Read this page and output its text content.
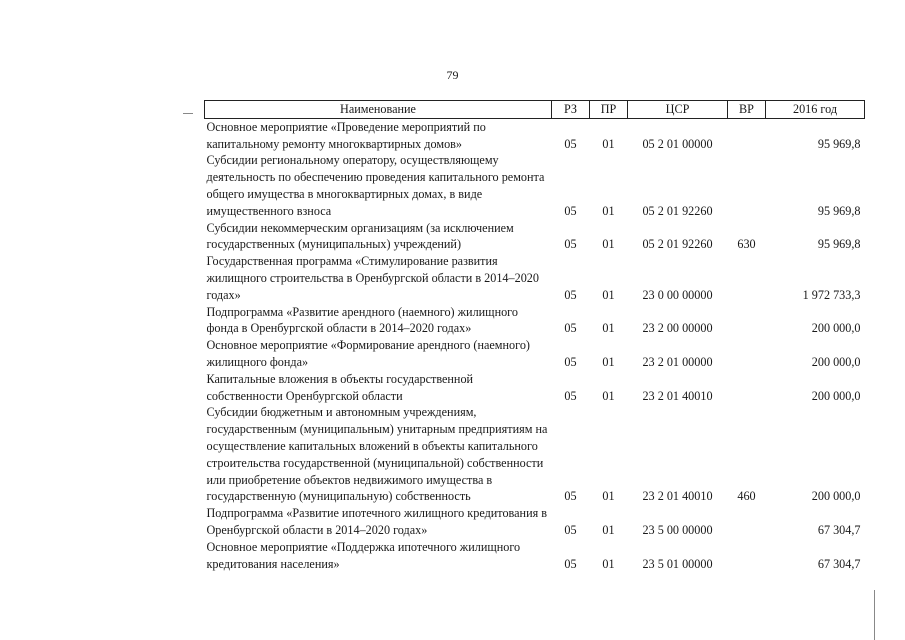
79
Наименование	РЗ	ПР	ЦСР	ВР	2016 год
Основное мероприятие «Проведение мероприятий по капитальному ремонту многоквартирных домов»	05	01	05 2 01 00000		95 969,8
Субсидии региональному оператору, осуществляющему деятельность по обеспечению проведения капитального ремонта общего имущества в многоквартирных домах, в виде имущественного взноса	05	01	05 2 01 92260		95 969,8
Субсидии некоммерческим организациям (за исключением государственных (муниципальных) учреждений)	05	01	05 2 01 92260	630	95 969,8
Государственная программа «Стимулирование развития жилищного строительства в Оренбургской области в 2014–2020 годах»	05	01	23 0 00 00000		1 972 733,3
Подпрограмма «Развитие арендного (наемного) жилищного фонда в Оренбургской области в 2014–2020 годах»	05	01	23 2 00 00000		200 000,0
Основное мероприятие «Формирование арендного (наемного) жилищного фонда»	05	01	23 2 01 00000		200 000,0
Капитальные вложения в объекты государственной собственности Оренбургской области	05	01	23 2 01 40010		200 000,0
Субсидии бюджетным и автономным учреждениям, государственным (муниципальным) унитарным предприятиям на осуществление капитальных вложений в объекты капитального строительства государственной (муниципальной) собственности или приобретение объектов недвижимого имущества в государственную (муниципальную) собственность	05	01	23 2 01 40010	460	200 000,0
Подпрограмма «Развитие ипотечного жилищного кредитования в Оренбургской области в 2014–2020 годах»	05	01	23 5 00 00000		67 304,7
Основное мероприятие «Поддержка ипотечного жилищного кредитования населения»	05	01	23 5 01 00000		67 304,7
